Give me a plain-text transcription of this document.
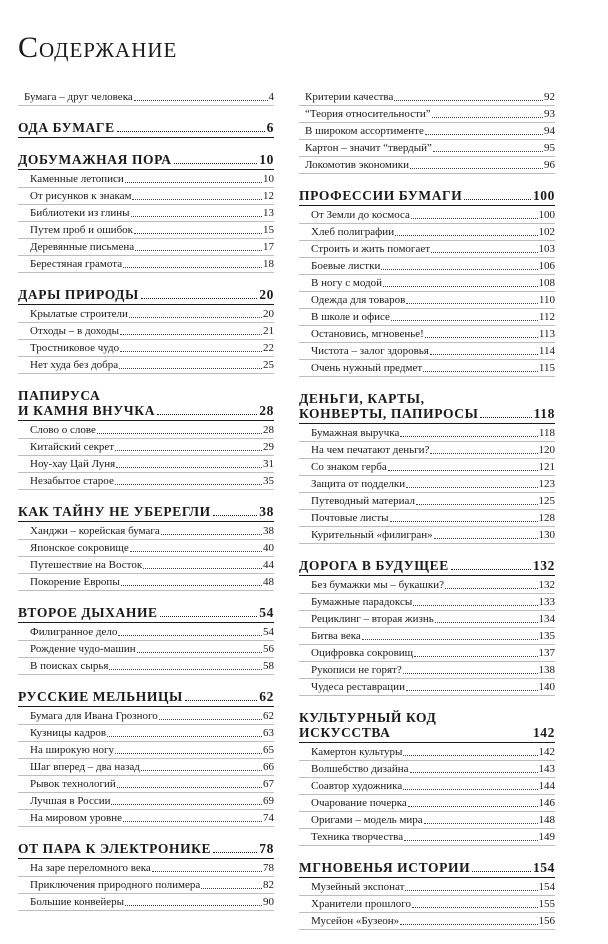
Содержание
Бумага – друг человека	4
ОДА БУМАГЕ	6
ДОБУМАЖНАЯ ПОРА	10
Каменные летописи	10
От рисунков к знакам	12
Библиотеки из глины	13
Путем проб и ошибок	15
Деревянные письмена	17
Берестяная грамота	18
ДАРЫ ПРИРОДЫ	20
Крылатые строители	20
Отходы – в доходы	21
Тростниковое чудо	22
Нет худа без добра	25
ПАПИРУСА
И КАМНЯ ВНУЧКА	28
Слово о слове	28
Китайский секрет	29
Ноу-хау Цай Луня	31
Незабытое старое	35
КАК ТАЙНУ НЕ УБЕРЕГЛИ	38
Ханджи – корейская бумага	38
Японское сокровище	40
Путешествие на Восток	44
Покорение Европы	48
ВТОРОЕ ДЫХАНИЕ	54
Филигранное дело	54
Рождение чудо-машин	56
В поисках сырья	58
РУССКИЕ МЕЛЬНИЦЫ	62
Бумага для Ивана Грозного	62
Кузницы кадров	63
На широкую ногу	65
Шаг вперед – два назад	66
Рывок технологий	67
Лучшая в России	69
На мировом уровне	74
ОТ ПАРА К ЭЛЕКТРОНИКЕ	78
На заре переломного века	78
Приключения природного полимера	82
Большие конвейеры	90
Критерии качества	92
“Теория относительности”	93
В широком ассортименте	94
Картон – значит “твердый”	95
Локомотив экономики	96
ПРОФЕССИИ БУМАГИ	100
От Земли до космоса	100
Хлеб полиграфии	102
Строить и жить помогает	103
Боевые листки	106
В ногу с модой	108
Одежда для товаров	110
В школе и офисе	112
Остановись, мгновенье!	113
Чистота – залог здоровья	114
Очень нужный предмет	115
ДЕНЬГИ, КАРТЫ,
КОНВЕРТЫ, ПАПИРОСЫ	118
Бумажная выручка	118
На чем печатают деньги?	120
Со знаком герба	121
Защита от подделки	123
Путеводный материал	125
Почтовые листы	128
Курительный «филигран»	130
ДОРОГА В БУДУЩЕЕ	132
Без бумажки мы – букашки?	132
Бумажные парадоксы	133
Рециклинг – вторая жизнь	134
Битва века	135
Оцифровка сокровищ	137
Рукописи не горят?	138
Чудеса реставрации	140
КУЛЬТУРНЫЙ КОД ИСКУССТВА	142
Камертон культуры	142
Волшебство дизайна	143
Соавтор художника	144
Очарование почерка	146
Оригами – модель мира	148
Техника творчества	149
МГНОВЕНЬЯ ИСТОРИИ	154
Музейный экспонат	154
Хранители прошлого	155
Мусейон «Бузеон»	156
